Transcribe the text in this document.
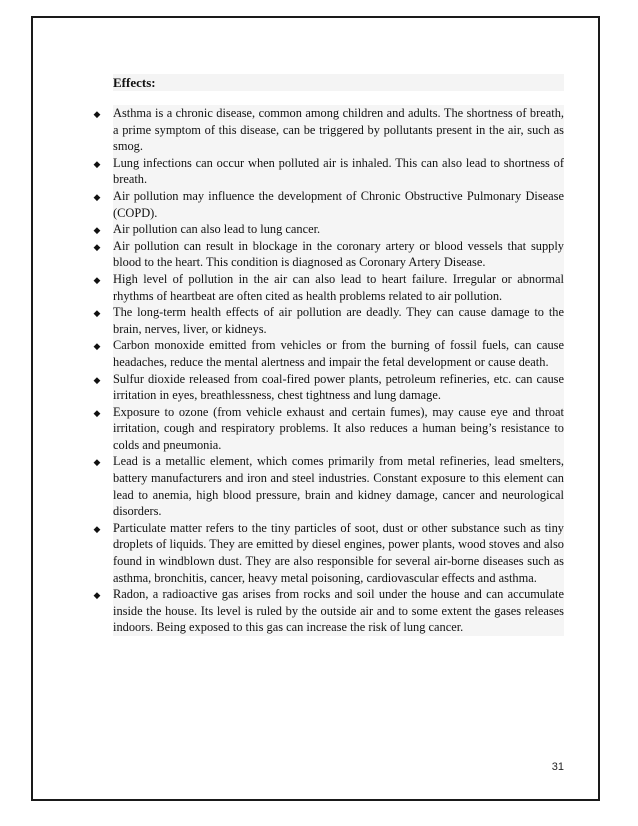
Effects:
◆ Asthma is a chronic disease, common among children and adults. The shortness of breath, a prime symptom of this disease, can be triggered by pollutants present in the air, such as smog.
◆ Lung infections can occur when polluted air is inhaled. This can also lead to shortness of breath.
◆ Air pollution may influence the development of Chronic Obstructive Pulmonary Disease (COPD).
◆ Air pollution can also lead to lung cancer.
◆ Air pollution can result in blockage in the coronary artery or blood vessels that supply blood to the heart. This condition is diagnosed as Coronary Artery Disease.
◆ High level of pollution in the air can also lead to heart failure. Irregular or abnormal rhythms of heartbeat are often cited as health problems related to air pollution.
◆ The long-term health effects of air pollution are deadly. They can cause damage to the brain, nerves, liver, or kidneys.
◆ Carbon monoxide emitted from vehicles or from the burning of fossil fuels, can cause headaches, reduce the mental alertness and impair the fetal development or cause death.
◆ Sulfur dioxide released from coal-fired power plants, petroleum refineries, etc. can cause irritation in eyes, breathlessness, chest tightness and lung damage.
◆ Exposure to ozone (from vehicle exhaust and certain fumes), may cause eye and throat irritation, cough and respiratory problems. It also reduces a human being’s resistance to colds and pneumonia.
◆ Lead is a metallic element, which comes primarily from metal refineries, lead smelters, battery manufacturers and iron and steel industries. Constant exposure to this element can lead to anemia, high blood pressure, brain and kidney damage, cancer and neurological disorders.
◆ Particulate matter refers to the tiny particles of soot, dust or other substance such as tiny droplets of liquids. They are emitted by diesel engines, power plants, wood stoves and also found in windblown dust. They are also responsible for several air-borne diseases such as asthma, bronchitis, cancer, heavy metal poisoning, cardiovascular effects and asthma.
◆ Radon, a radioactive gas arises from rocks and soil under the house and can accumulate inside the house. Its level is ruled by the outside air and to some extent the gases releases indoors. Being exposed to this gas can increase the risk of lung cancer.
31
